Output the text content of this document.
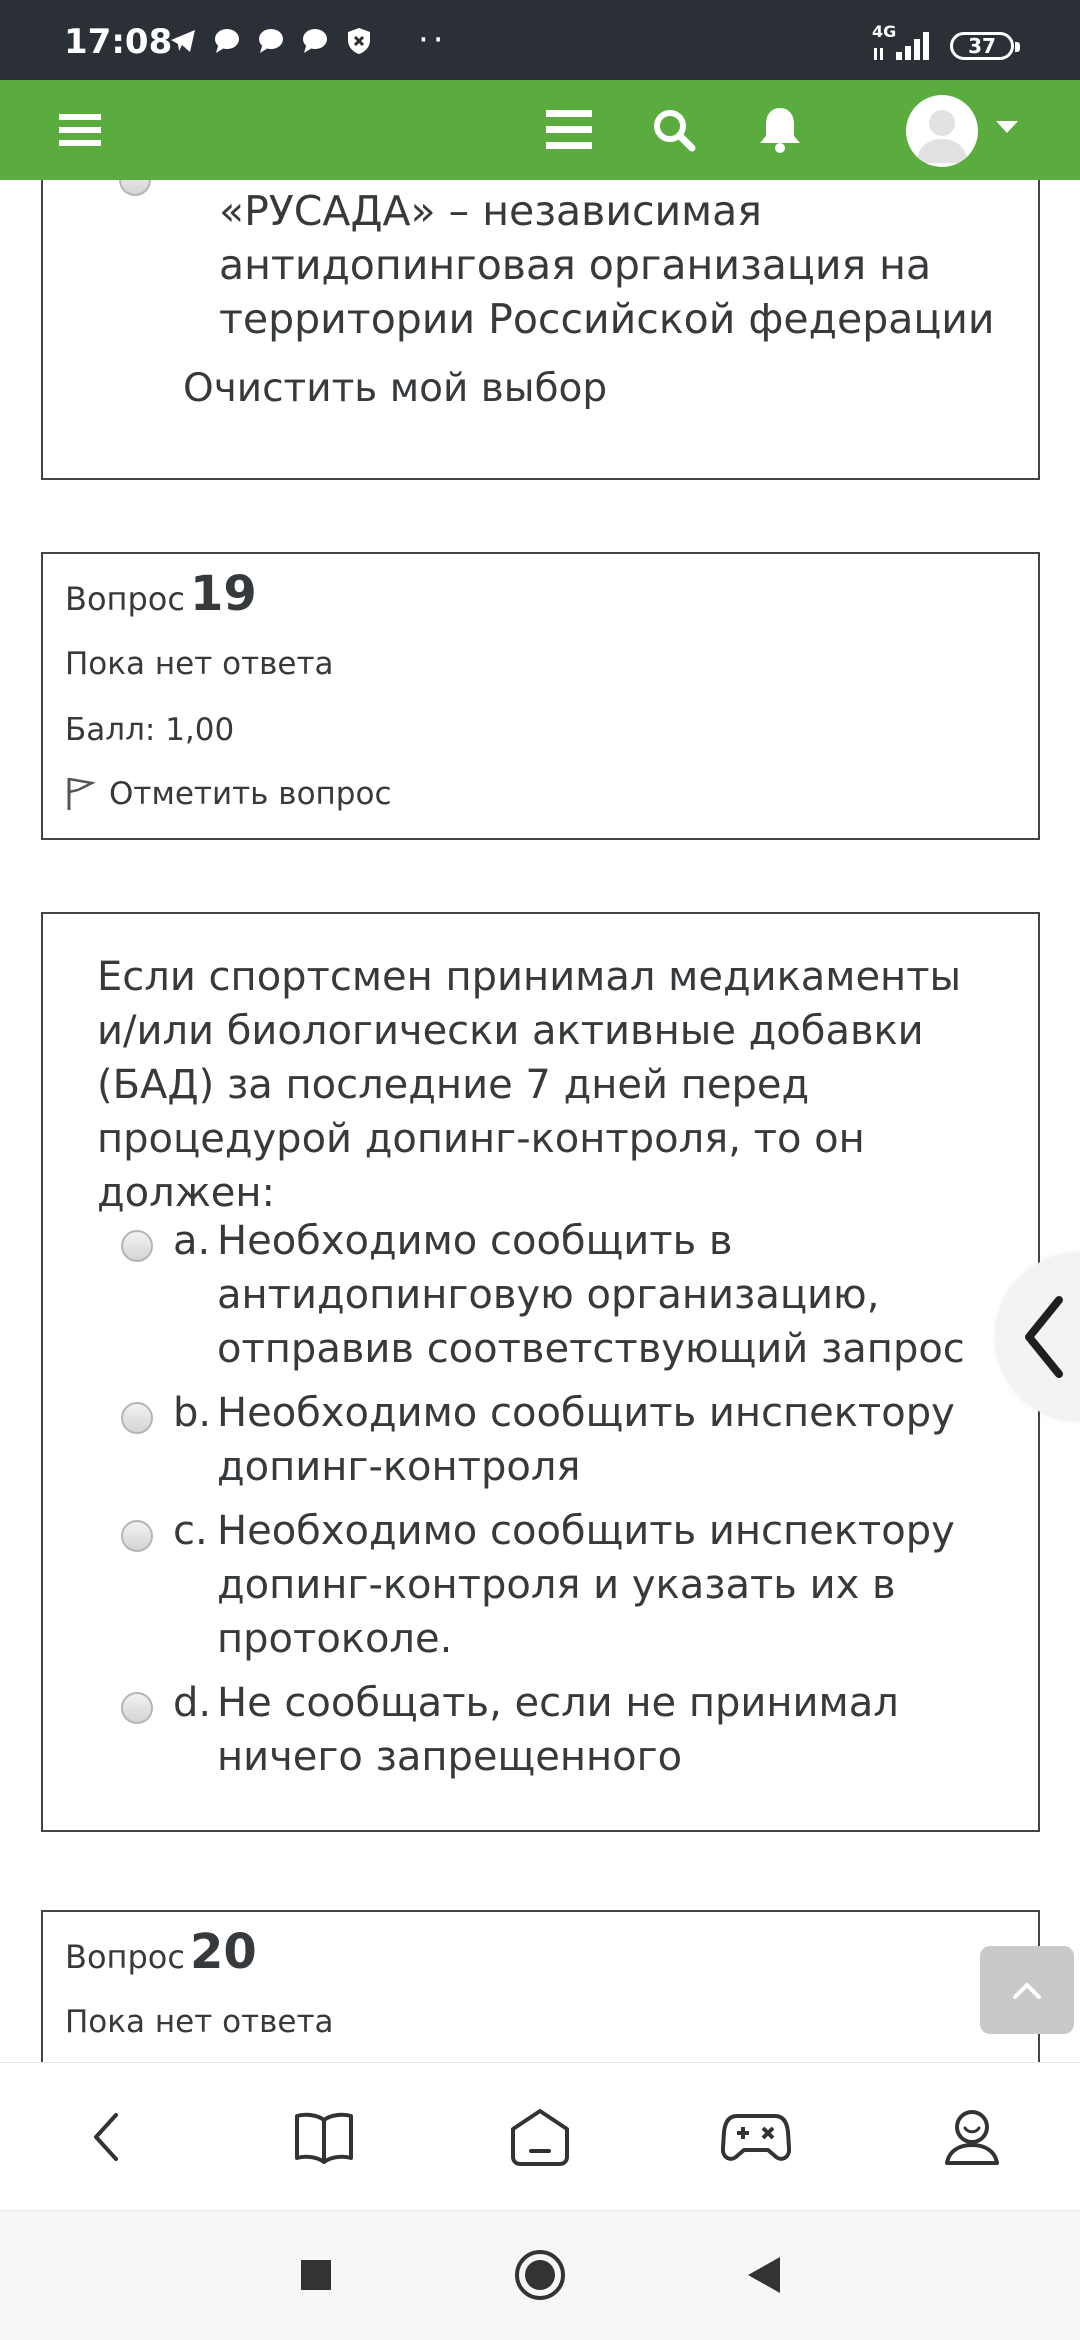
17:08	··	4G
37
«РУСАДА» – независимая антидопинговая организация на территории Российской федерации
Очистить мой выбор
Вопрос 19
Пока нет ответа
Балл: 1,00
Отметить вопрос
Если спортсмен принимал медикаменты и/или биологически активные добавки (БАД) за последние 7 дней перед процедурой допинг-контроля, то он должен:
a. Необходимо сообщить в антидопинговую организацию, отправив соответствующий запрос
b. Необходимо сообщить инспектору допинг-контроля
c. Необходимо сообщить инспектору допинг-контроля и указать их в протоколе.
d. Не сообщать, если не принимал ничего запрещенного
Вопрос 20
Пока нет ответа
